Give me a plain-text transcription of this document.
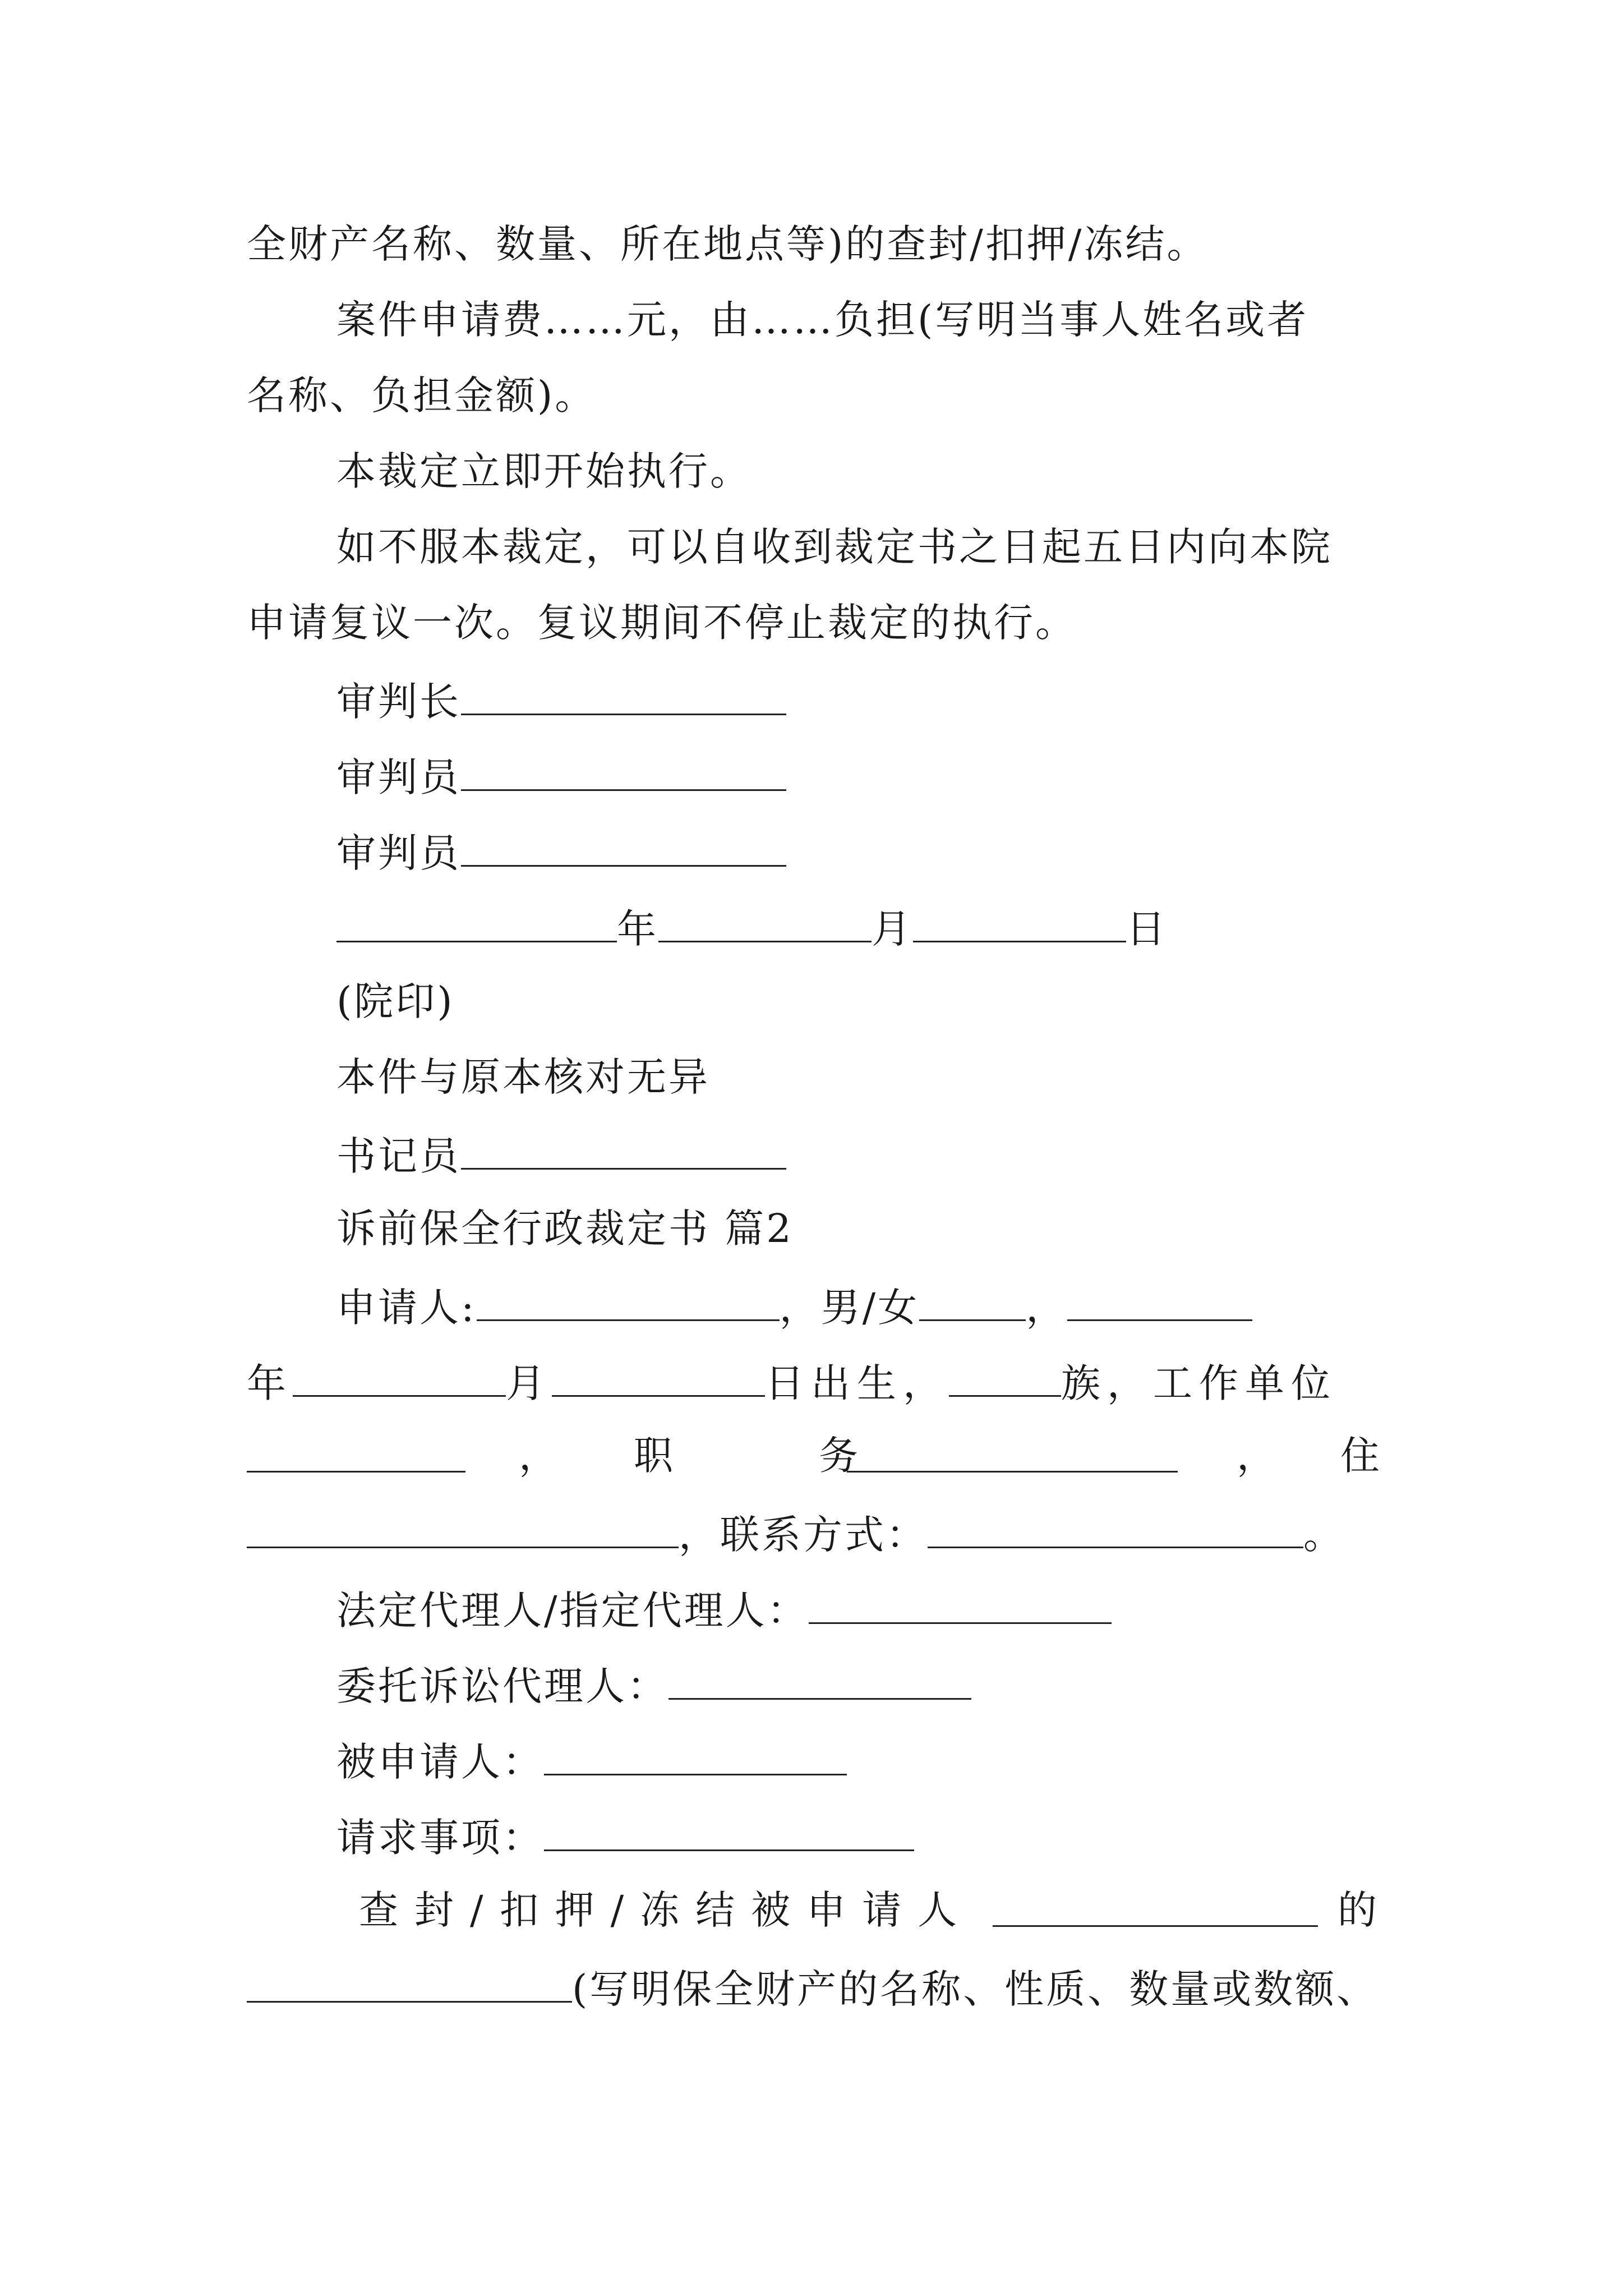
全财产名称、数量、所在地点等)的查封/扣押/冻结。
案件申请费……元，由……负担(写明当事人姓名或者
名称、负担金额)。
本裁定立即开始执行。
如不服本裁定，可以自收到裁定书之日起五日内向本院
申请复议一次。复议期间不停止裁定的执行。
审判长
审判员
审判员
年	月	日
(院印)
本件与原本核对无异
书记员
诉前保全行政裁定书 篇2
申请人:	，男/女	，
年	月	日出生，	族，工作单位
， 职　　务	， 住
，联系方式：	。
法定代理人/指定代理人：
委托诉讼代理人：
被申请人：
请求事项：
查封/扣押/冻结被申请人	的
(写明保全财产的名称、性质、数量或数额、
